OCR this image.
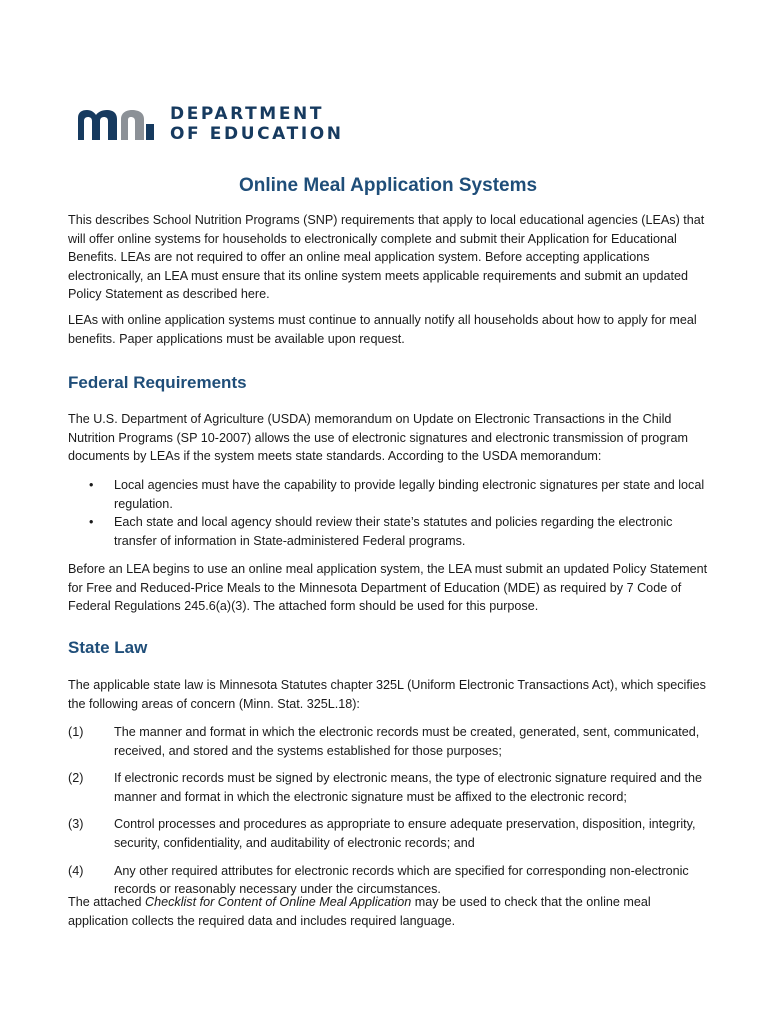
DEPARTMENT
OF EDUCATION
Online Meal Application Systems

This describes School Nutrition Programs (SNP) requirements that apply to local educational agencies (LEAs) that will offer online systems for households to electronically complete and submit their Application for Educational Benefits. LEAs are not required to offer an online meal application system. Before accepting applications electronically, an LEA must ensure that its online system meets applicable requirements and submit an updated Policy Statement as described here.

LEAs with online application systems must continue to annually notify all households about how to apply for meal benefits. Paper applications must be available upon request.

Federal Requirements

The U.S. Department of Agriculture (USDA) memorandum on Update on Electronic Transactions in the Child Nutrition Programs (SP 10-2007) allows the use of electronic signatures and electronic transmission of program documents by LEAs if the system meets state standards. According to the USDA memorandum:

• Local agencies must have the capability to provide legally binding electronic signatures per state and local regulation.
• Each state and local agency should review their state’s statutes and policies regarding the electronic transfer of information in State-administered Federal programs.

Before an LEA begins to use an online meal application system, the LEA must submit an updated Policy Statement for Free and Reduced-Price Meals to the Minnesota Department of Education (MDE) as required by 7 Code of Federal Regulations 245.6(a)(3). The attached form should be used for this purpose.

State Law

The applicable state law is Minnesota Statutes chapter 325L (Uniform Electronic Transactions Act), which specifies the following areas of concern (Minn. Stat. 325L.18):

(1) The manner and format in which the electronic records must be created, generated, sent, communicated, received, and stored and the systems established for those purposes;
(2) If electronic records must be signed by electronic means, the type of electronic signature required and the manner and format in which the electronic signature must be affixed to the electronic record;
(3) Control processes and procedures as appropriate to ensure adequate preservation, disposition, integrity, security, confidentiality, and auditability of electronic records; and
(4) Any other required attributes for electronic records which are specified for corresponding non-electronic records or reasonably necessary under the circumstances.

The attached Checklist for Content of Online Meal Application may be used to check that the online meal application collects the required data and includes required language.
